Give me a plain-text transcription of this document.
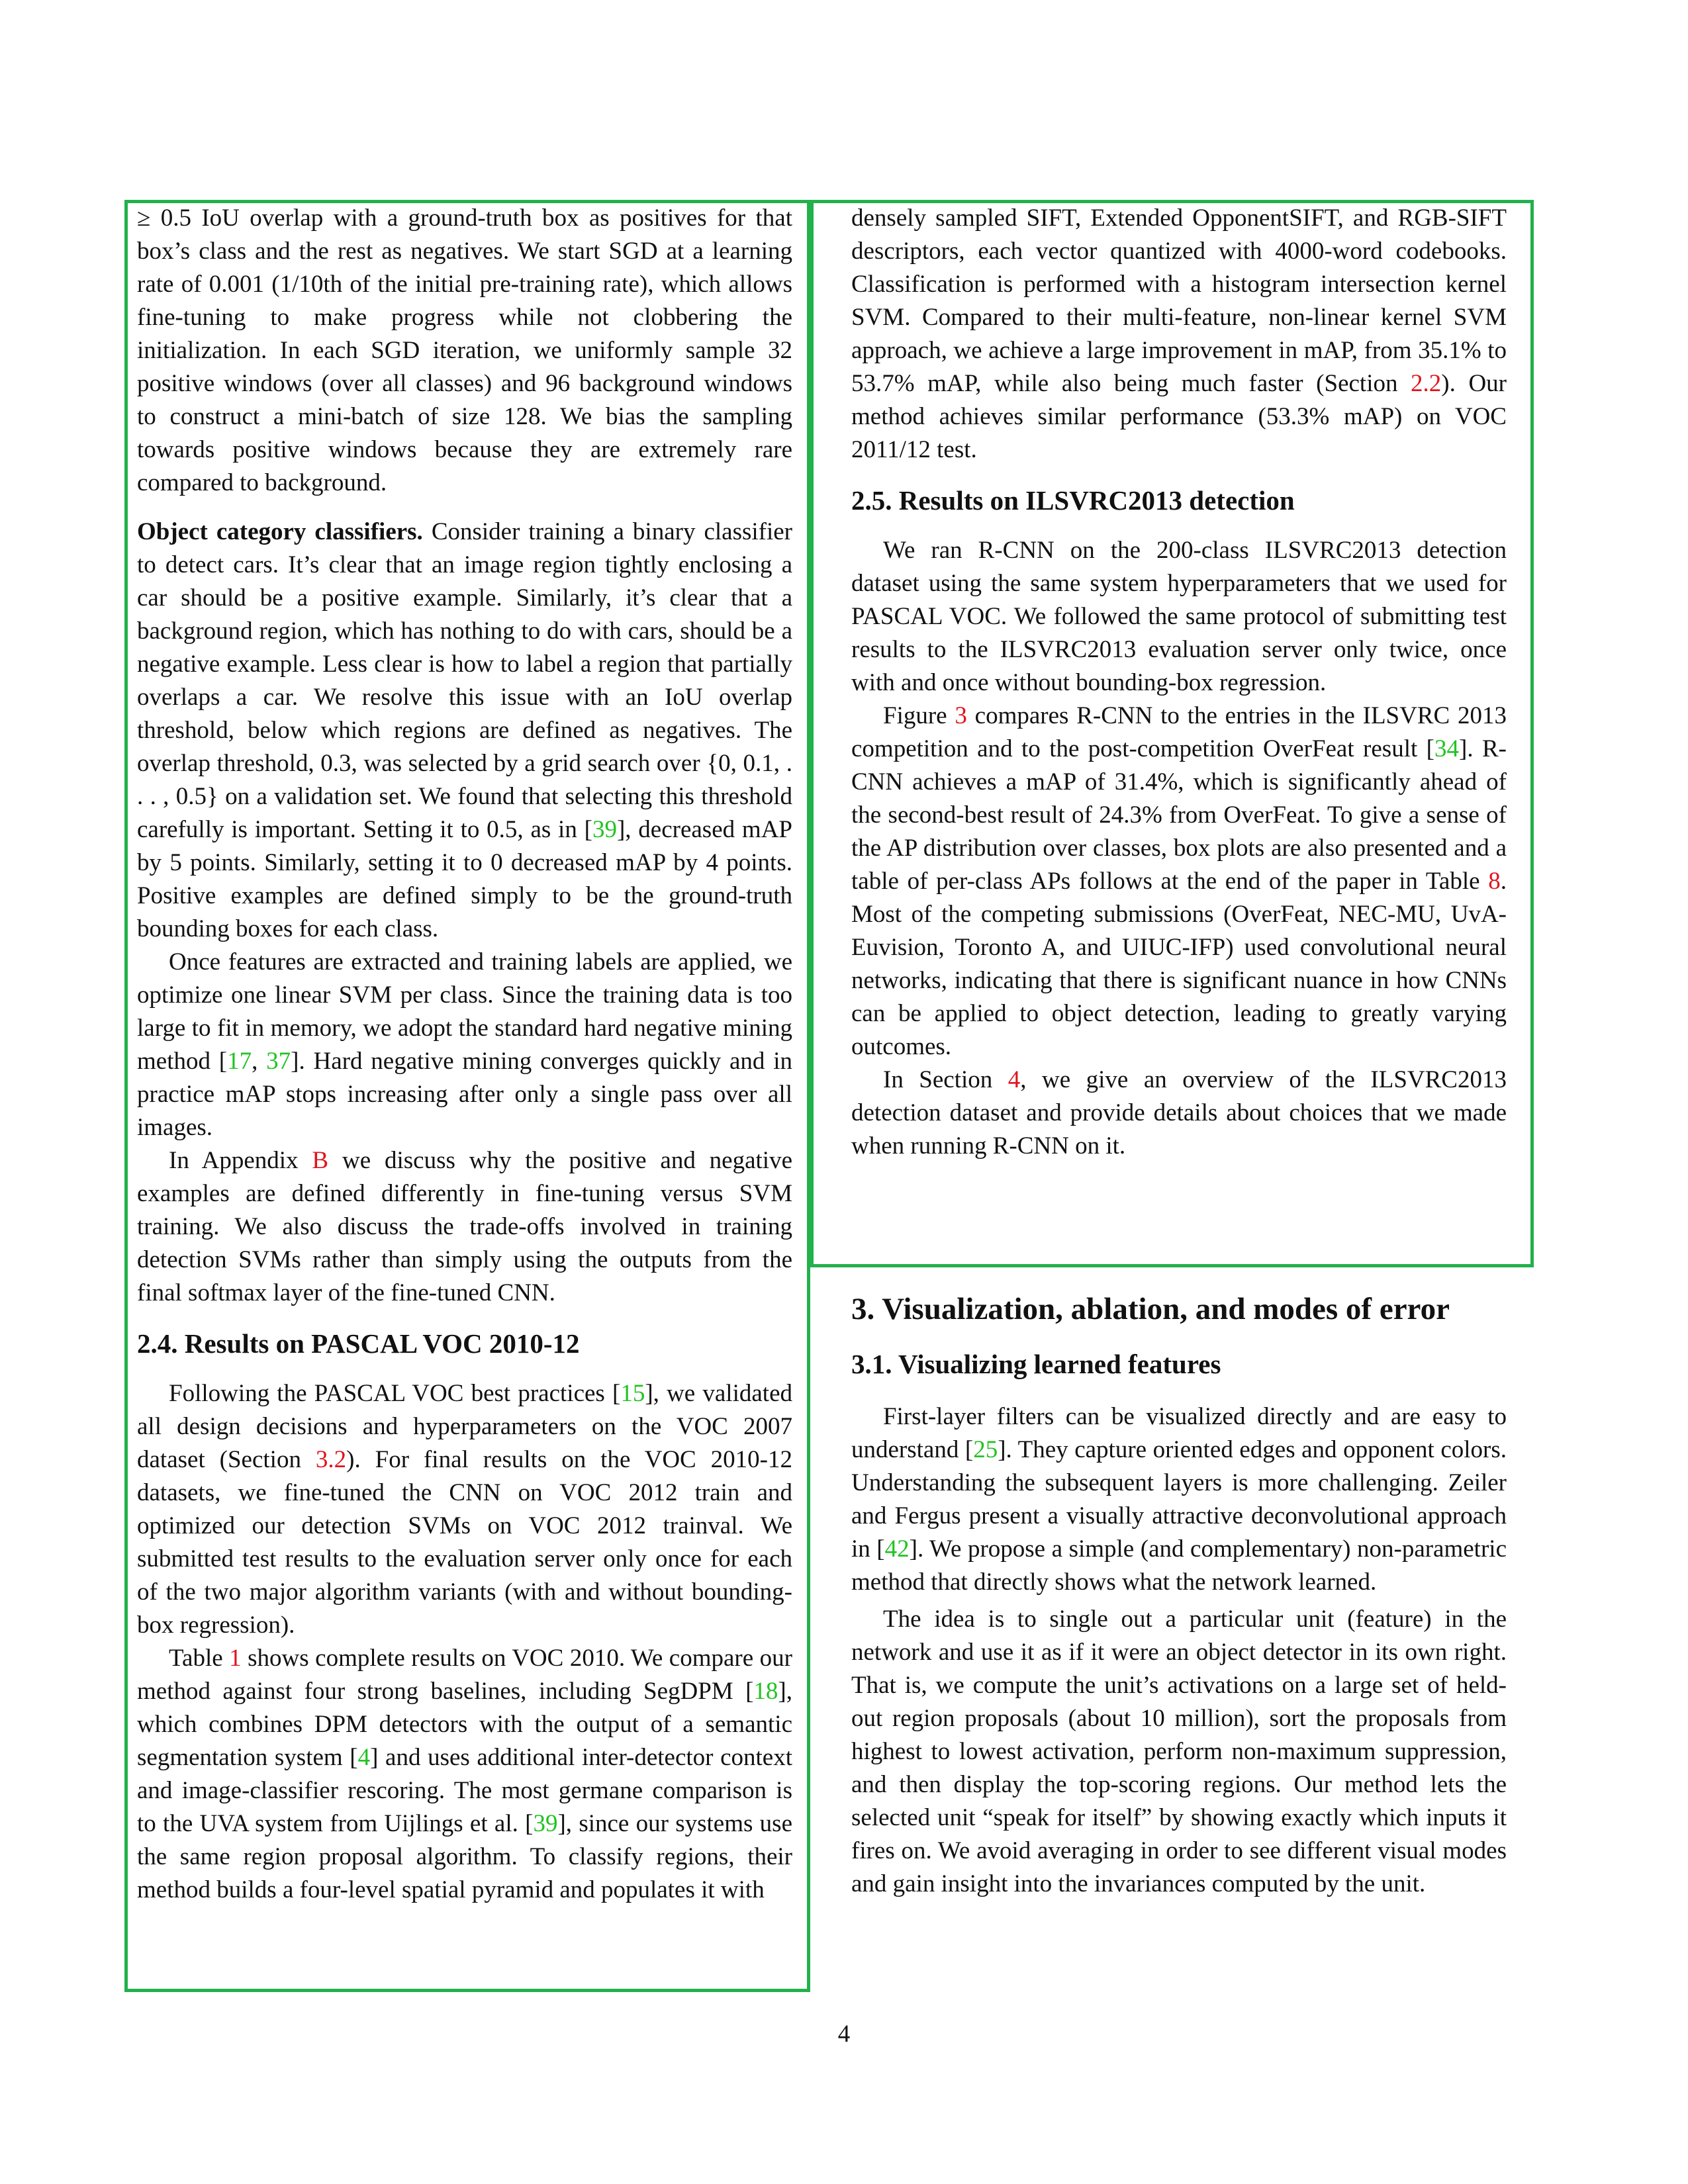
≥ 0.5 IoU overlap with a ground-truth box as positives for that box’s class and the rest as negatives. We start SGD at a learning rate of 0.001 (1/10th of the initial pre-training rate), which allows fine-tuning to make progress while not clobbering the initialization. In each SGD iteration, we uniformly sample 32 positive windows (over all classes) and 96 background windows to construct a mini-batch of size 128. We bias the sampling towards positive windows because they are extremely rare compared to background.

Object category classifiers. Consider training a binary classifier to detect cars. It’s clear that an image region tightly enclosing a car should be a positive example. Similarly, it’s clear that a background region, which has nothing to do with cars, should be a negative example. Less clear is how to label a region that partially overlaps a car. We resolve this issue with an IoU overlap threshold, below which regions are defined as negatives. The overlap threshold, 0.3, was selected by a grid search over {0, 0.1, . . . , 0.5} on a validation set. We found that selecting this threshold carefully is important. Setting it to 0.5, as in [39], decreased mAP by 5 points. Similarly, setting it to 0 decreased mAP by 4 points. Positive examples are defined simply to be the ground-truth bounding boxes for each class.

Once features are extracted and training labels are applied, we optimize one linear SVM per class. Since the training data is too large to fit in memory, we adopt the standard hard negative mining method [17, 37]. Hard negative mining converges quickly and in practice mAP stops increasing after only a single pass over all images.

In Appendix B we discuss why the positive and negative examples are defined differently in fine-tuning versus SVM training. We also discuss the trade-offs involved in training detection SVMs rather than simply using the outputs from the final softmax layer of the fine-tuned CNN.

2.4. Results on PASCAL VOC 2010-12

Following the PASCAL VOC best practices [15], we validated all design decisions and hyperparameters on the VOC 2007 dataset (Section 3.2). For final results on the VOC 2010-12 datasets, we fine-tuned the CNN on VOC 2012 train and optimized our detection SVMs on VOC 2012 trainval. We submitted test results to the evaluation server only once for each of the two major algorithm variants (with and without bounding-box regression).

Table 1 shows complete results on VOC 2010. We compare our method against four strong baselines, including SegDPM [18], which combines DPM detectors with the output of a semantic segmentation system [4] and uses additional inter-detector context and image-classifier rescoring. The most germane comparison is to the UVA system from Uijlings et al. [39], since our systems use the same region proposal algorithm. To classify regions, their method builds a four-level spatial pyramid and populates it with

densely sampled SIFT, Extended OpponentSIFT, and RGB-SIFT descriptors, each vector quantized with 4000-word codebooks. Classification is performed with a histogram intersection kernel SVM. Compared to their multi-feature, non-linear kernel SVM approach, we achieve a large improvement in mAP, from 35.1% to 53.7% mAP, while also being much faster (Section 2.2). Our method achieves similar performance (53.3% mAP) on VOC 2011/12 test.

2.5. Results on ILSVRC2013 detection

We ran R-CNN on the 200-class ILSVRC2013 detection dataset using the same system hyperparameters that we used for PASCAL VOC. We followed the same protocol of submitting test results to the ILSVRC2013 evaluation server only twice, once with and once without bounding-box regression.

Figure 3 compares R-CNN to the entries in the ILSVRC 2013 competition and to the post-competition OverFeat result [34]. R-CNN achieves a mAP of 31.4%, which is significantly ahead of the second-best result of 24.3% from OverFeat. To give a sense of the AP distribution over classes, box plots are also presented and a table of per-class APs follows at the end of the paper in Table 8. Most of the competing submissions (OverFeat, NEC-MU, UvA-Euvision, Toronto A, and UIUC-IFP) used convolutional neural networks, indicating that there is significant nuance in how CNNs can be applied to object detection, leading to greatly varying outcomes.

In Section 4, we give an overview of the ILSVRC2013 detection dataset and provide details about choices that we made when running R-CNN on it.

3. Visualization, ablation, and modes of error
3.1. Visualizing learned features

First-layer filters can be visualized directly and are easy to understand [25]. They capture oriented edges and opponent colors. Understanding the subsequent layers is more challenging. Zeiler and Fergus present a visually attractive deconvolutional approach in [42]. We propose a simple (and complementary) non-parametric method that directly shows what the network learned.

The idea is to single out a particular unit (feature) in the network and use it as if it were an object detector in its own right. That is, we compute the unit’s activations on a large set of held-out region proposals (about 10 million), sort the proposals from highest to lowest activation, perform non-maximum suppression, and then display the top-scoring regions. Our method lets the selected unit “speak for itself” by showing exactly which inputs it fires on. We avoid averaging in order to see different visual modes and gain insight into the invariances computed by the unit.

4
